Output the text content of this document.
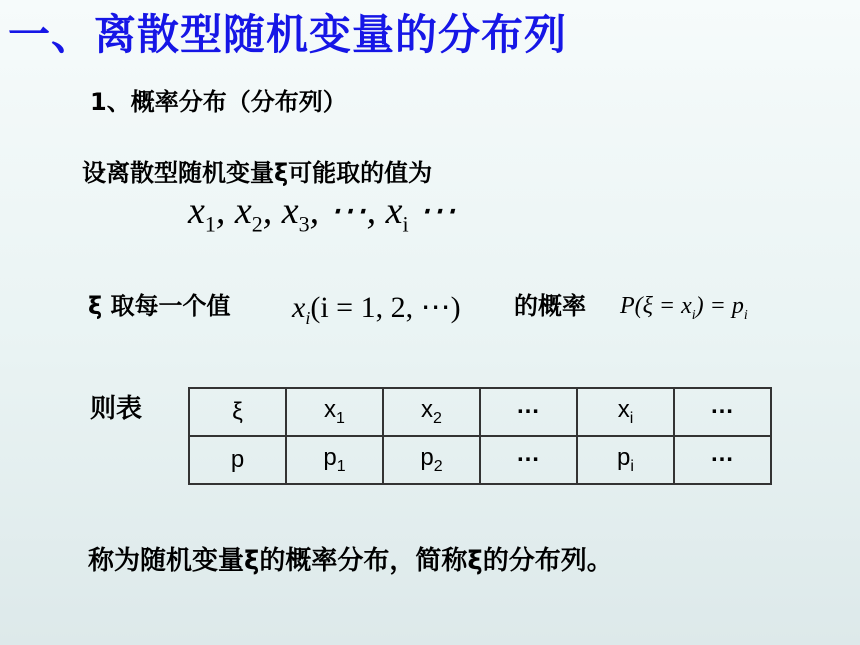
一、离散型随机变量的分布列
1、概率分布（分布列）
设离散型随机变量ξ可能取的值为
$x_1$, $x_2$, $x_3$, ⋯, $x_i$ ⋯
ξ 取每一个值 $x_i(i = 1$, 2, ⋯) 的概率 $P(\xi = x_i) = p_i$
则表	ξ	$x_1$	$x_2$	…	$x_i$	…
p	$p_1$	$p_2$	…	$p_i$	…
称为随机变量ξ的概率分布，简称ξ的分布列。
